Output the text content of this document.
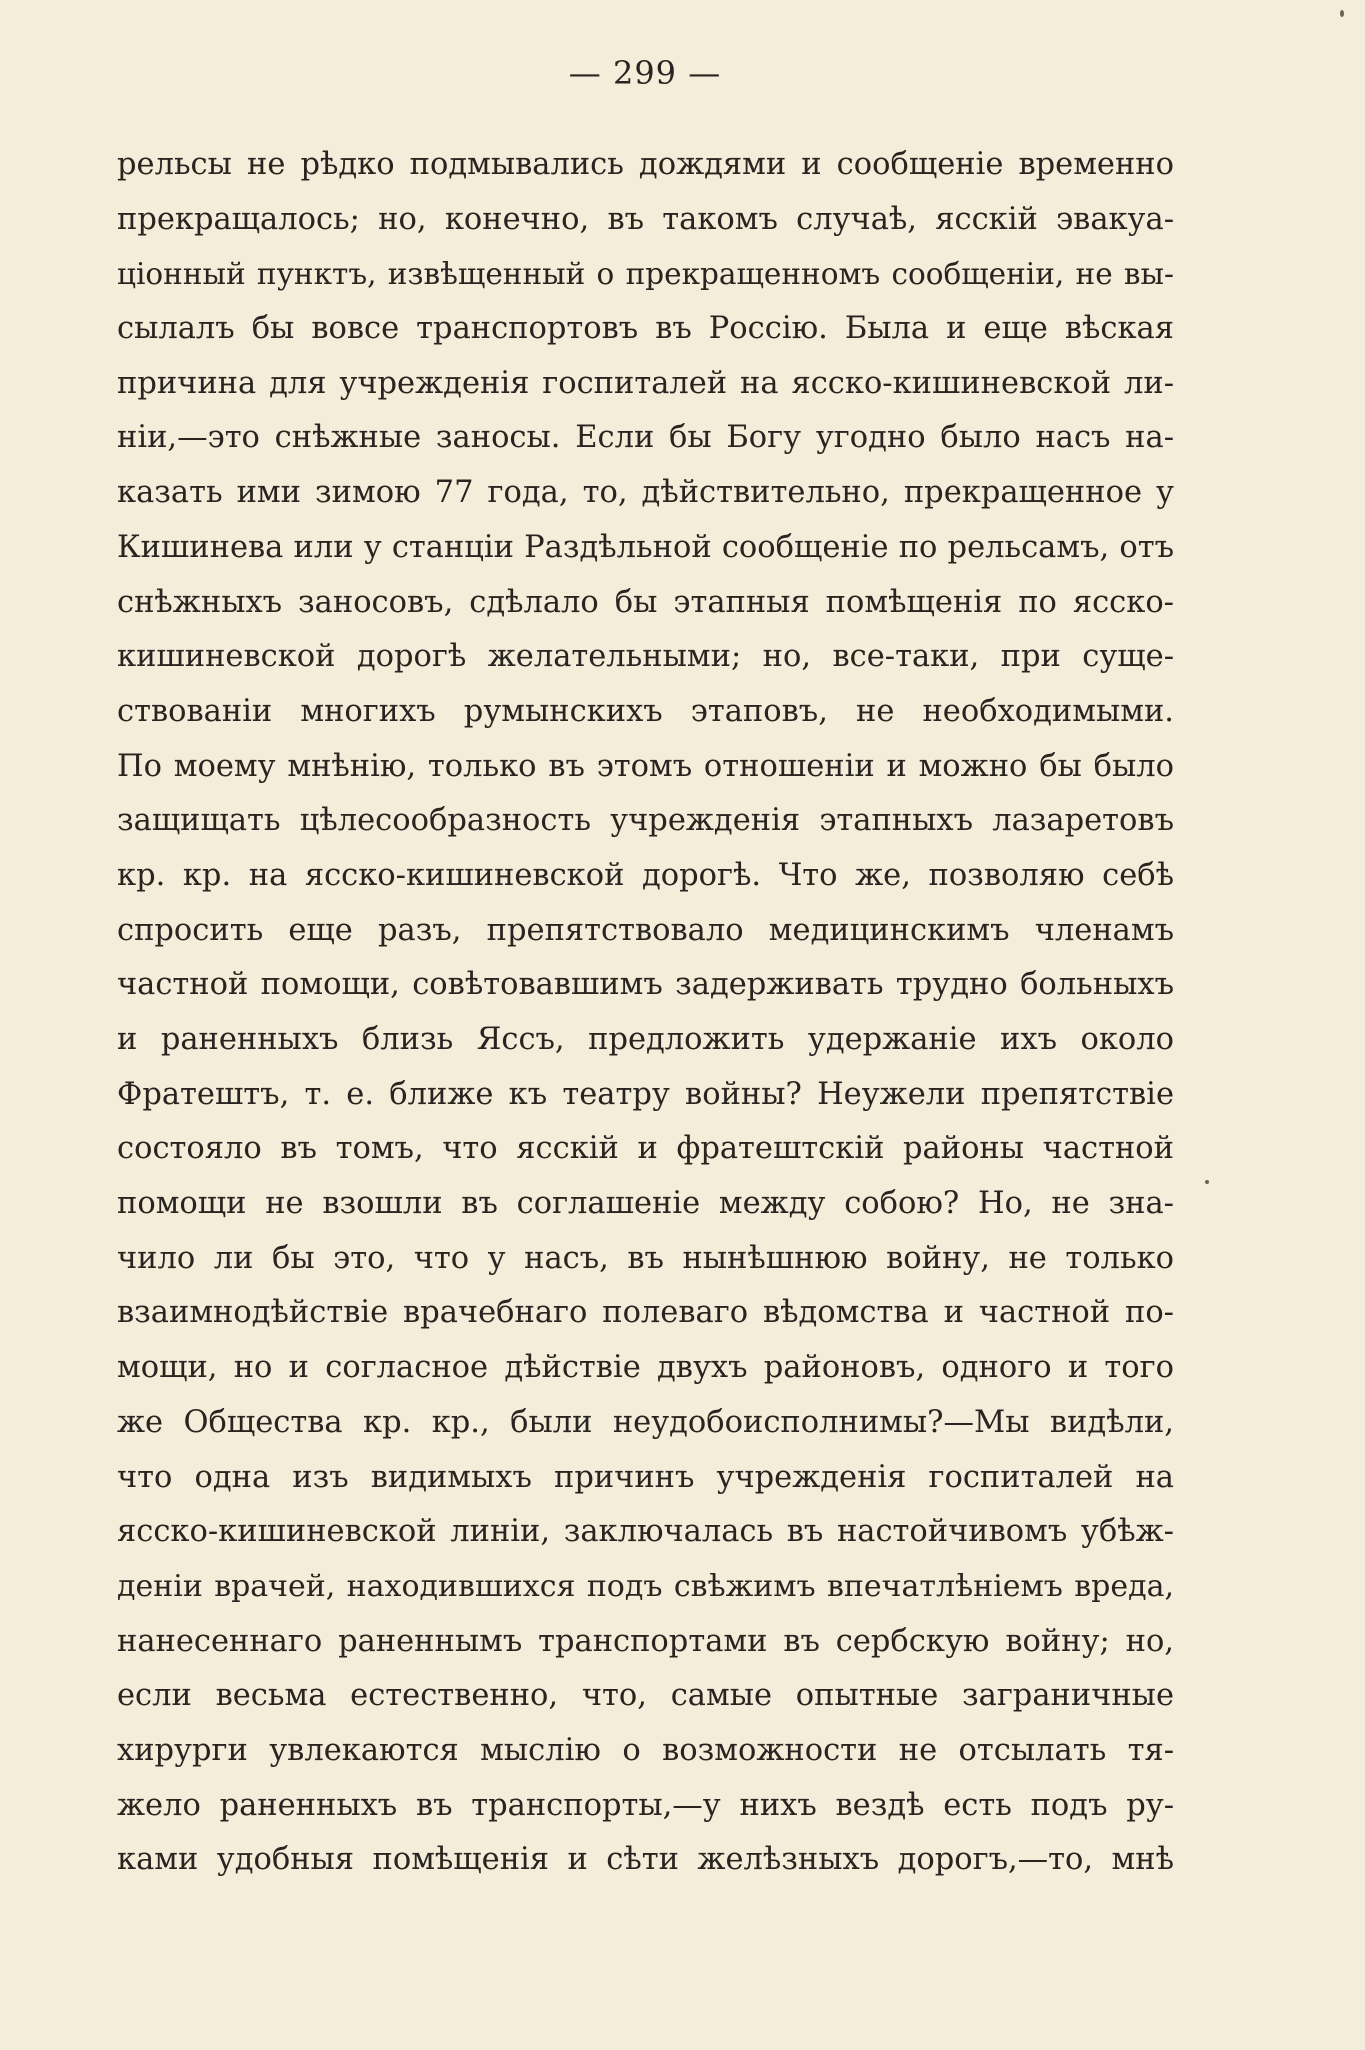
— 299 —
рельсы не рѣдко подмывались дождями и сообщеніе временно
прекращалось; но, конечно, въ такомъ случаѣ, ясскій эвакуа-
ціонный пунктъ, извѣщенный о прекращенномъ сообщеніи, не вы-
сылалъ бы вовсе транспортовъ въ Россію. Была и еще вѣская
причина для учрежденія госпиталей на ясско-кишиневской ли-
ніи,—это снѣжные заносы. Если бы Богу угодно было насъ на-
казать ими зимою 77 года, то, дѣйствительно, прекращенное у
Кишинева или у станціи Раздѣльной сообщеніе по рельсамъ, отъ
снѣжныхъ заносовъ, сдѣлало бы этапныя помѣщенія по ясско-
кишиневской дорогѣ желательными; но, все-таки, при суще-
ствованіи многихъ румынскихъ этаповъ, не необходимыми.
По моему мнѣнію, только въ этомъ отношеніи и можно бы было
защищать цѣлесообразность учрежденія этапныхъ лазаретовъ
кр. кр. на ясско-кишиневской дорогѣ. Что же, позволяю себѣ
спросить еще разъ, препятствовало медицинскимъ членамъ
частной помощи, совѣтовавшимъ задерживать трудно больныхъ
и раненныхъ близь Яссъ, предложить удержаніе ихъ около
Фратештъ, т. е. ближе къ театру войны? Неужели препятствіе
состояло въ томъ, что ясскій и фратештскій районы частной
помощи не взошли въ соглашеніе между собою? Но, не зна-
чило ли бы это, что у насъ, въ нынѣшнюю войну, не только
взаимнодѣйствіе врачебнаго полеваго вѣдомства и частной по-
мощи, но и согласное дѣйствіе двухъ районовъ, одного и того
же Общества кр. кр., были неудобоисполнимы?—Мы видѣли,
что одна изъ видимыхъ причинъ учрежденія госпиталей на
ясско-кишиневской линіи, заключалась въ настойчивомъ убѣж-
деніи врачей, находившихся подъ свѣжимъ впечатлѣніемъ вреда,
нанесеннаго раненнымъ транспортами въ сербскую войну; но,
если весьма естественно, что, самые опытные заграничные
хирурги увлекаются мыслію о возможности не отсылать тя-
жело раненныхъ въ транспорты,—у нихъ вездѣ есть подъ ру-
ками удобныя помѣщенія и сѣти желѣзныхъ дорогъ,—то, мнѣ
